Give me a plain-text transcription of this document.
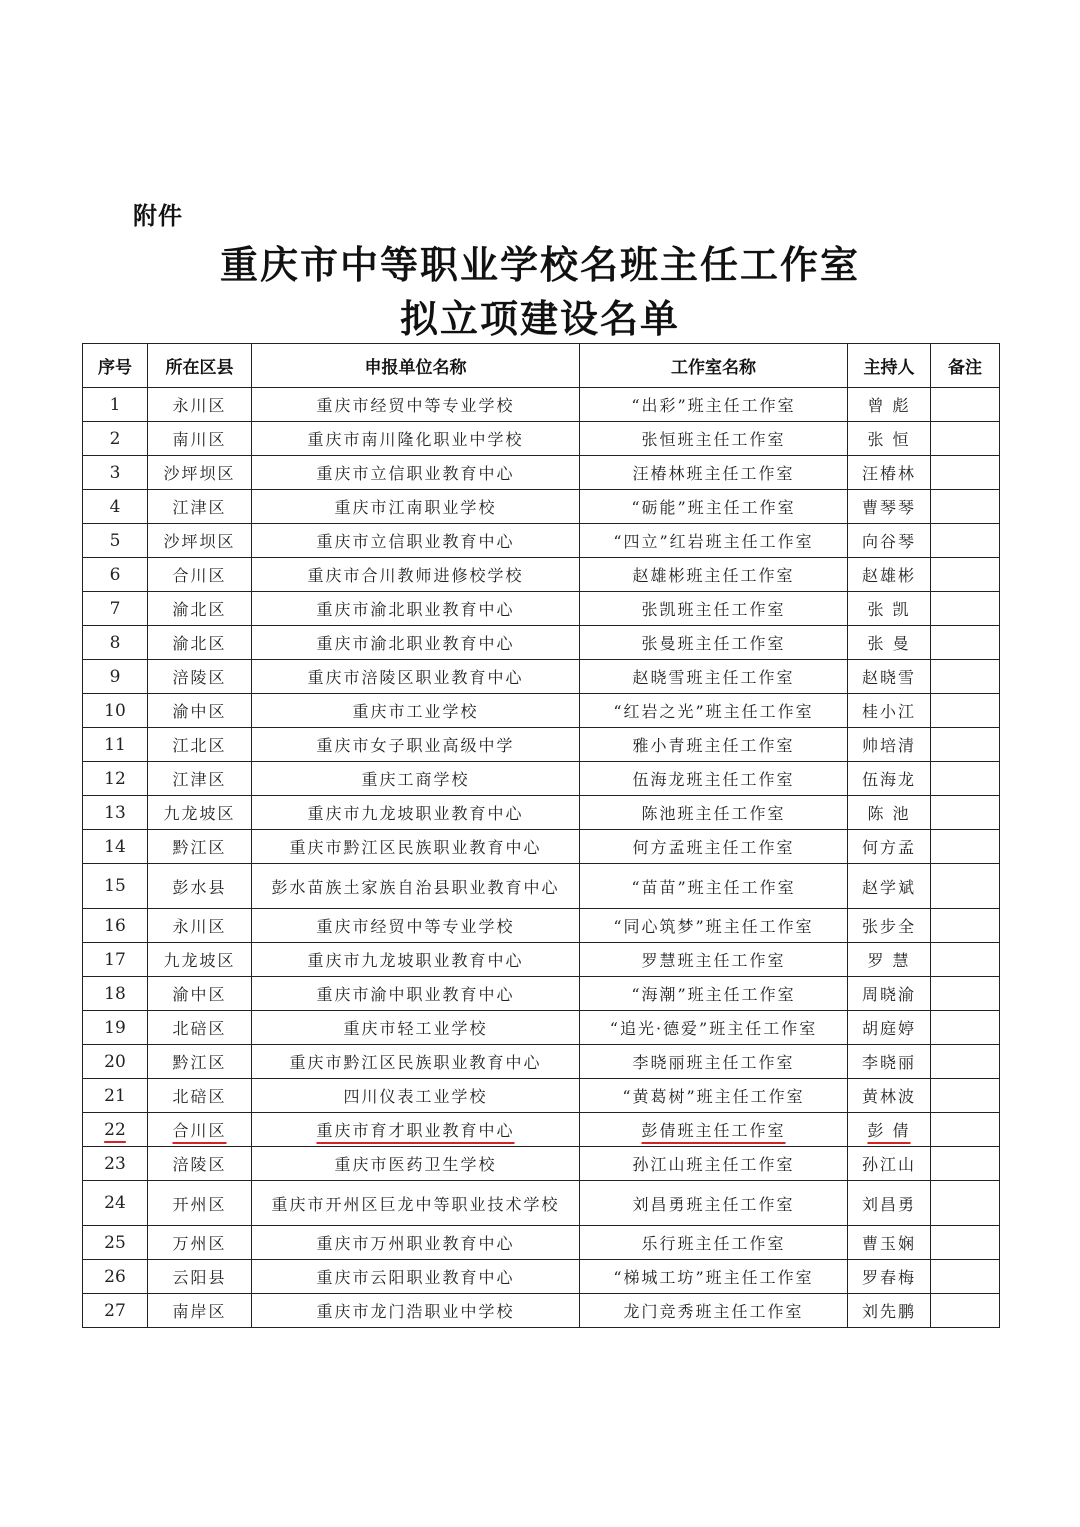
附件
重庆市中等职业学校名班主任工作室
拟立项建设名单
序号	所在区县	申报单位名称	工作室名称	主持人	备注
1	永川区	重庆市经贸中等专业学校	“出彩”班主任工作室	曾 彪	
2	南川区	重庆市南川隆化职业中学校	张恒班主任工作室	张 恒	
3	沙坪坝区	重庆市立信职业教育中心	汪椿林班主任工作室	汪椿林	
4	江津区	重庆市江南职业学校	“砺能”班主任工作室	曹琴琴	
5	沙坪坝区	重庆市立信职业教育中心	“四立”红岩班主任工作室	向谷琴	
6	合川区	重庆市合川教师进修校学校	赵雄彬班主任工作室	赵雄彬	
7	渝北区	重庆市渝北职业教育中心	张凯班主任工作室	张 凯	
8	渝北区	重庆市渝北职业教育中心	张曼班主任工作室	张 曼	
9	涪陵区	重庆市涪陵区职业教育中心	赵晓雪班主任工作室	赵晓雪	
10	渝中区	重庆市工业学校	“红岩之光”班主任工作室	桂小江	
11	江北区	重庆市女子职业高级中学	雅小青班主任工作室	帅培清	
12	江津区	重庆工商学校	伍海龙班主任工作室	伍海龙	
13	九龙坡区	重庆市九龙坡职业教育中心	陈池班主任工作室	陈 池	
14	黔江区	重庆市黔江区民族职业教育中心	何方孟班主任工作室	何方孟	
15	彭水县	彭水苗族土家族自治县职业教育中心	“苗苗”班主任工作室	赵学斌	
16	永川区	重庆市经贸中等专业学校	“同心筑梦”班主任工作室	张步全	
17	九龙坡区	重庆市九龙坡职业教育中心	罗慧班主任工作室	罗 慧	
18	渝中区	重庆市渝中职业教育中心	“海潮”班主任工作室	周晓渝	
19	北碚区	重庆市轻工业学校	“追光·德爱”班主任工作室	胡庭婷	
20	黔江区	重庆市黔江区民族职业教育中心	李晓丽班主任工作室	李晓丽	
21	北碚区	四川仪表工业学校	“黄葛树”班主任工作室	黄林波	
22	合川区	重庆市育才职业教育中心	彭倩班主任工作室	彭 倩	
23	涪陵区	重庆市医药卫生学校	孙江山班主任工作室	孙江山	
24	开州区	重庆市开州区巨龙中等职业技术学校	刘昌勇班主任工作室	刘昌勇	
25	万州区	重庆市万州职业教育中心	乐行班主任工作室	曹玉娴	
26	云阳县	重庆市云阳职业教育中心	“梯城工坊”班主任工作室	罗春梅	
27	南岸区	重庆市龙门浩职业中学校	龙门竞秀班主任工作室	刘先鹏	
